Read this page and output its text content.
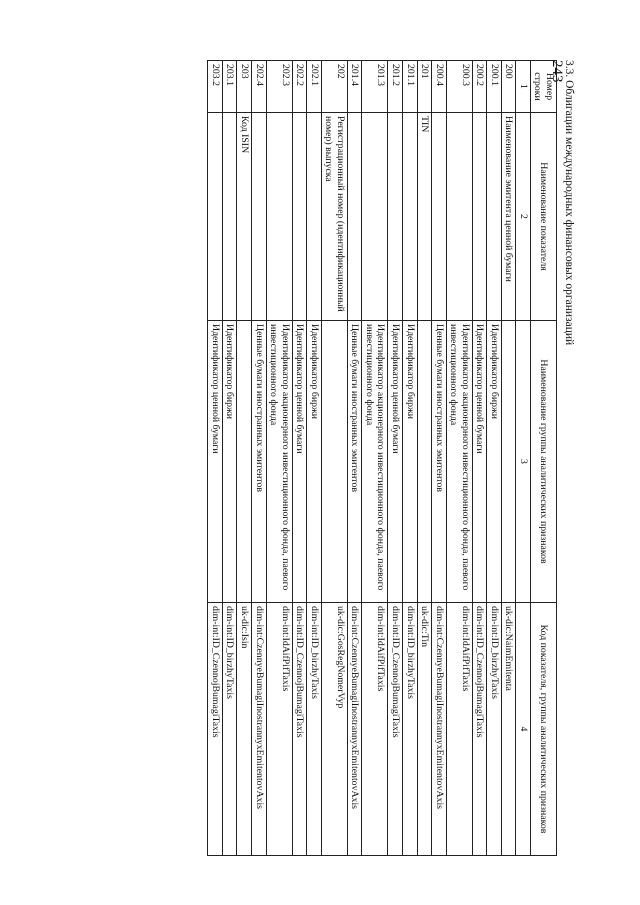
243
3.3. Облигации международных финансовых организаций
Номер строки	Наименование показателя	Наименование группы аналитических признаков	Код показателя, группы аналитических признаков
1	2	3	4
200	Наименование эмитента ценной бумаги		uk-dic:NaimEmitenta
200.1		Идентификатор биржи	dim-int:ID_birzhyTaxis
200.2		Идентификатор ценной бумаги	dim-int:ID_CzennojBumagiTaxis
200.3		Идентификатор акционерного инвестиционного фонда, паевого инвестиционного фонда	dim-int:IdAifPifTaxis
200.4		Ценные бумаги иностранных эмитентов	dim-int:CzennyeBumagiInostrannyxEmitentovAxis
201	TIN		uk-dic:Tin
201.1		Идентификатор биржи	dim-int:ID_birzhyTaxis
201.2		Идентификатор ценной бумаги	dim-int:ID_CzennojBumagiTaxis
201.3		Идентификатор акционерного инвестиционного фонда, паевого инвестиционного фонда	dim-int:IdAifPifTaxis
201.4		Ценные бумаги иностранных эмитентов	dim-int:CzennyeBumagiInostrannyxEmitentovAxis
202	Регистрационный номер (идентификационный номер) выпуска		uk-dic:GosRegNomerVyp
202.1		Идентификатор биржи	dim-int:ID_birzhyTaxis
202.2		Идентификатор ценной бумаги	dim-int:ID_CzennojBumagiTaxis
202.3		Идентификатор акционерного инвестиционного фонда, паевого инвестиционного фонда	dim-int:IdAifPifTaxis
202.4		Ценные бумаги иностранных эмитентов	dim-int:CzennyeBumagiInostrannyxEmitentovAxis
203	Код ISIN		uk-dic:Isin
203.1		Идентификатор биржи	dim-int:ID_birzhyTaxis
203.2		Идентификатор ценной бумаги	dim-int:ID_CzennojBumagiTaxis
